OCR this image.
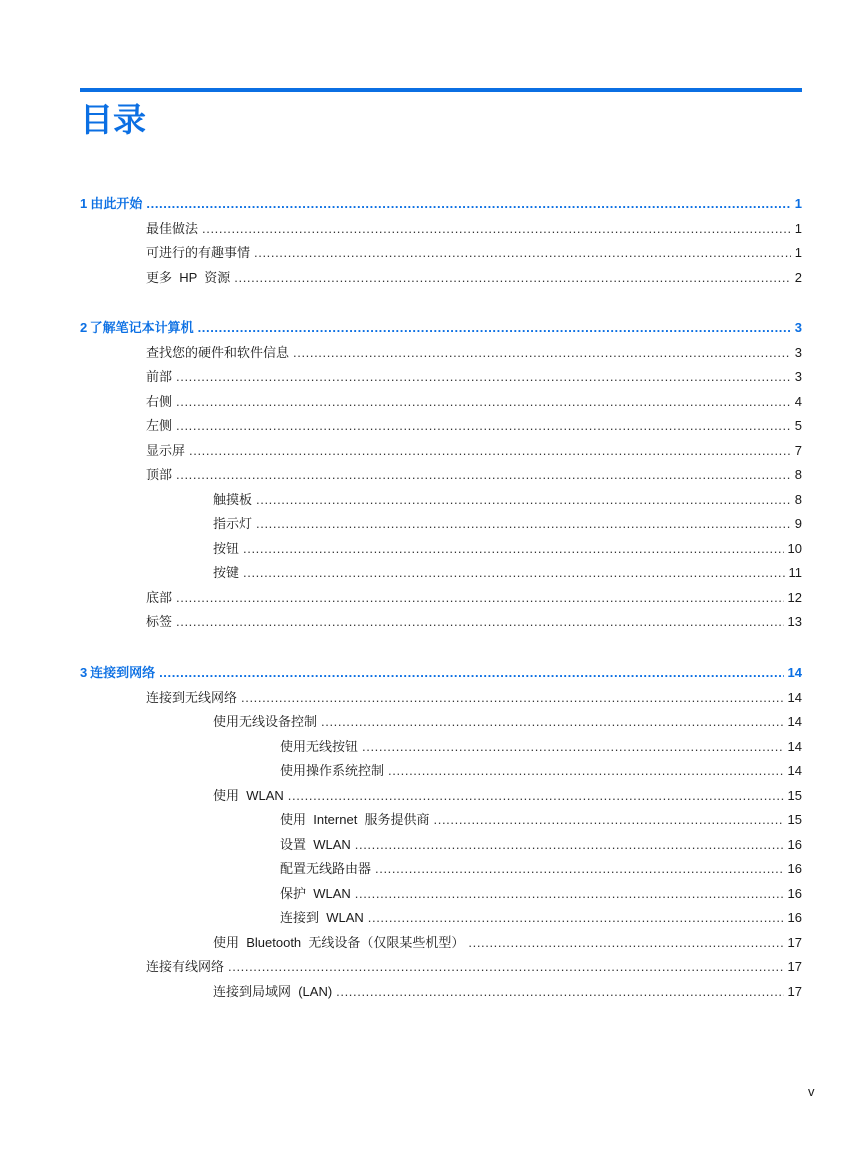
目录
1 由此开始 .....	1
最佳做法 .....	1
可进行的有趣事情 .....	1
更多  HP  资源 .....	2
2 了解笔记本计算机 .....	3
查找您的硬件和软件信息 .....	3
前部 .....	3
右侧 .....	4
左侧 .....	5
显示屏 .....	7
顶部 .....	8
触摸板 .....	8
指示灯 .....	9
按钮 .....	10
按键 .....	11
底部 .....	12
标签 .....	13
3 连接到网络 .....	14
连接到无线网络 .....	14
使用无线设备控制 .....	14
使用无线按钮 .....	14
使用操作系统控制 .....	14
使用  WLAN .....	15
使用  Internet  服务提供商 .....	15
设置  WLAN .....	16
配置无线路由器 .....	16
保护  WLAN .....	16
连接到  WLAN .....	16
使用  Bluetooth  无线设备（仅限某些机型） .....	17
连接有线网络 .....	17
连接到局域网  (LAN) .....	17
v
